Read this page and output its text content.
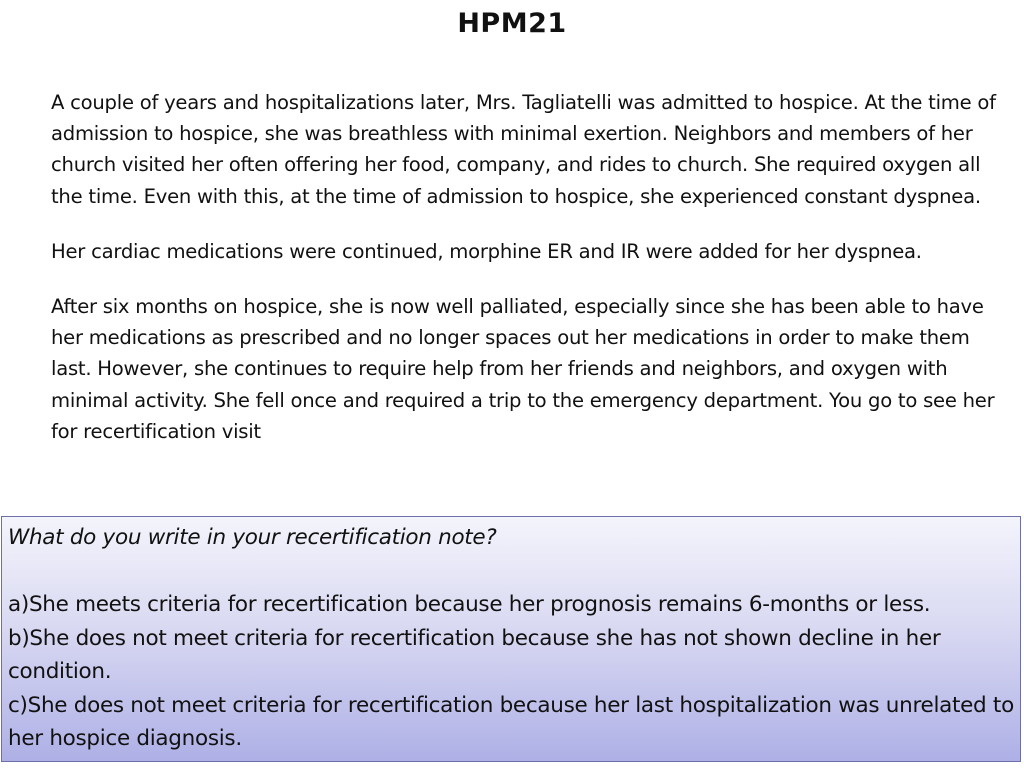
HPM21

A couple of years and hospitalizations later, Mrs. Tagliatelli was admitted to hospice. At the time of admission to hospice, she was breathless with minimal exertion. Neighbors and members of her church visited her often offering her food, company, and rides to church. She required oxygen all the time. Even with this, at the time of admission to hospice, she experienced constant dyspnea.

Her cardiac medications were continued, morphine ER and IR were added for her dyspnea.

After six months on hospice, she is now well palliated, especially since she has been able to have her medications as prescribed and no longer spaces out her medications in order to make them last. However, she continues to require help from her friends and neighbors, and oxygen with minimal activity. She fell once and required a trip to the emergency department. You go to see her for recertification visit

What do you write in your recertification note?

a)She meets criteria for recertification because her prognosis remains 6-months or less.

b)She does not meet criteria for recertification because she has not shown decline in her condition.

c)She does not meet criteria for recertification because her last hospitalization was unrelated to her hospice diagnosis.
